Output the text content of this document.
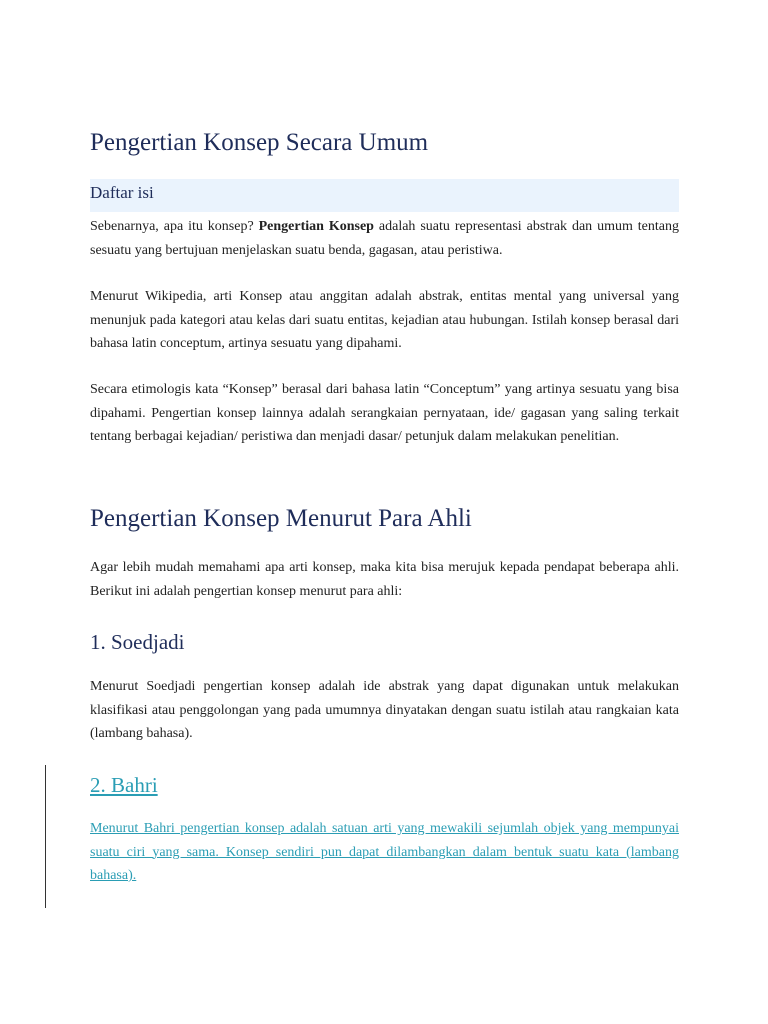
Pengertian Konsep Secara Umum
Daftar isi

Sebenarnya, apa itu konsep? Pengertian Konsep adalah suatu representasi abstrak dan umum tentang sesuatu yang bertujuan menjelaskan suatu benda, gagasan, atau peristiwa.

Menurut Wikipedia, arti Konsep atau anggitan adalah abstrak, entitas mental yang universal yang menunjuk pada kategori atau kelas dari suatu entitas, kejadian atau hubungan. Istilah konsep berasal dari bahasa latin conceptum, artinya sesuatu yang dipahami.

Secara etimologis kata “Konsep” berasal dari bahasa latin “Conceptum” yang artinya sesuatu yang bisa dipahami. Pengertian konsep lainnya adalah serangkaian pernyataan, ide/ gagasan yang saling terkait tentang berbagai kejadian/ peristiwa dan menjadi dasar/ petunjuk dalam melakukan penelitian.

Pengertian Konsep Menurut Para Ahli

Agar lebih mudah memahami apa arti konsep, maka kita bisa merujuk kepada pendapat beberapa ahli. Berikut ini adalah pengertian konsep menurut para ahli:

1. Soedjadi

Menurut Soedjadi pengertian konsep adalah ide abstrak yang dapat digunakan untuk melakukan klasifikasi atau penggolongan yang pada umumnya dinyatakan dengan suatu istilah atau rangkaian kata (lambang bahasa).

2. Bahri

Menurut Bahri pengertian konsep adalah satuan arti yang mewakili sejumlah objek yang mempunyai suatu ciri yang sama. Konsep sendiri pun dapat dilambangkan dalam bentuk suatu kata (lambang bahasa).
